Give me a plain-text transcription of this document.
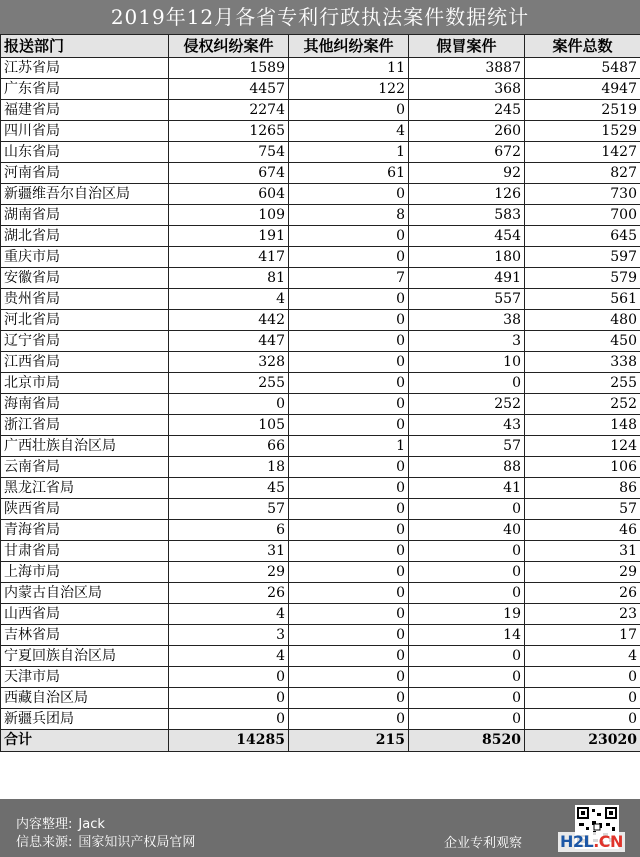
2019年12月各省专利行政执法案件数据统计
报送部门	侵权纠纷案件	其他纠纷案件	假冒案件	案件总数
江苏省局	1589	11	3887	5487
广东省局	4457	122	368	4947
福建省局	2274	0	245	2519
四川省局	1265	4	260	1529
山东省局	754	1	672	1427
河南省局	674	61	92	827
新疆维吾尔自治区局	604	0	126	730
湖南省局	109	8	583	700
湖北省局	191	0	454	645
重庆市局	417	0	180	597
安徽省局	81	7	491	579
贵州省局	4	0	557	561
河北省局	442	0	38	480
辽宁省局	447	0	3	450
江西省局	328	0	10	338
北京市局	255	0	0	255
海南省局	0	0	252	252
浙江省局	105	0	43	148
广西壮族自治区局	66	1	57	124
云南省局	18	0	88	106
黑龙江省局	45	0	41	86
陕西省局	57	0	0	57
青海省局	6	0	40	46
甘肃省局	31	0	0	31
上海市局	29	0	0	29
内蒙古自治区局	26	0	0	26
山西省局	4	0	19	23
吉林省局	3	0	14	17
宁夏回族自治区局	4	0	0	4
天津市局	0	0	0	0
西藏自治区局	0	0	0	0
新疆兵团局	0	0	0	0
合计	14285	215	8520	23020
内容整理: Jack
信息来源: 国家知识产权局官网	企业专利观察 H2L.CN
